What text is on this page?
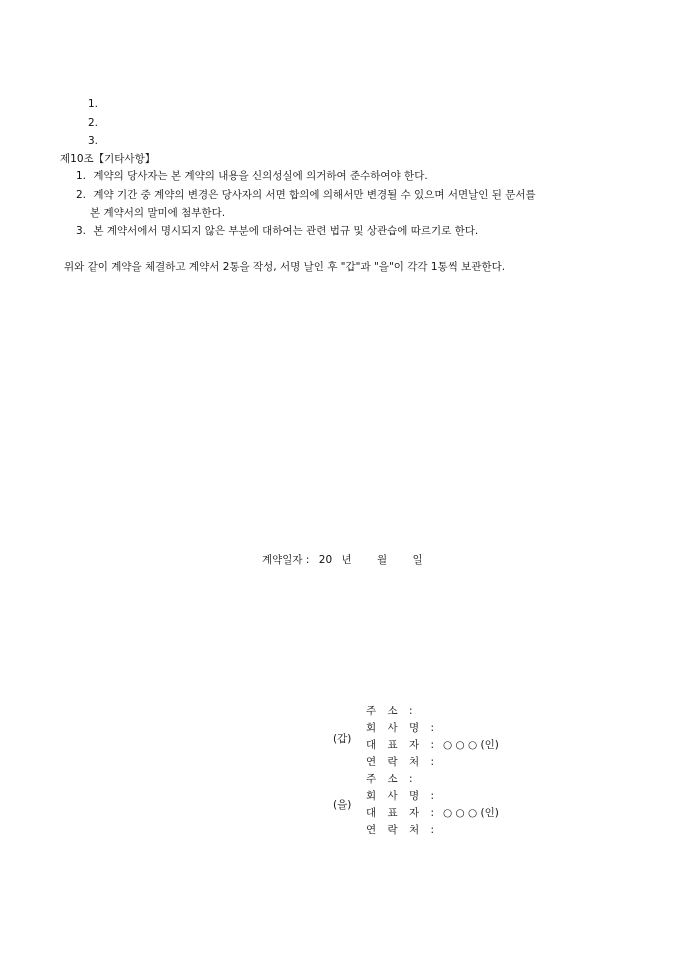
1.
2.
3.
제10조【기타사항】
1. 계약의 당사자는 본 계약의 내용을 신의성실에 의거하여 준수하여야 한다.
2. 계약 기간 중 계약의 변경은 당사자의 서면 합의에 의해서만 변경될 수 있으며 서면날인 된 문서를
본 계약서의 말미에 첨부한다.
3. 본 계약서에서 명시되지 않은 부분에 대하여는 관련 법규 및 상관습에 따르기로 한다.
위와 같이 계약을 체결하고 계약서 2통을 작성, 서명 날인 후 "갑"과 "을"이 각각 1통씩 보관한다.
계약일자 : 20 년 월 일
(갑)
주 소 :
회 사 명 :
대 표 자 : ○ ○ ○ (인)
연 락 처 :
(을)
주 소 :
회 사 명 :
대 표 자 : ○ ○ ○ (인)
연 락 처 :
